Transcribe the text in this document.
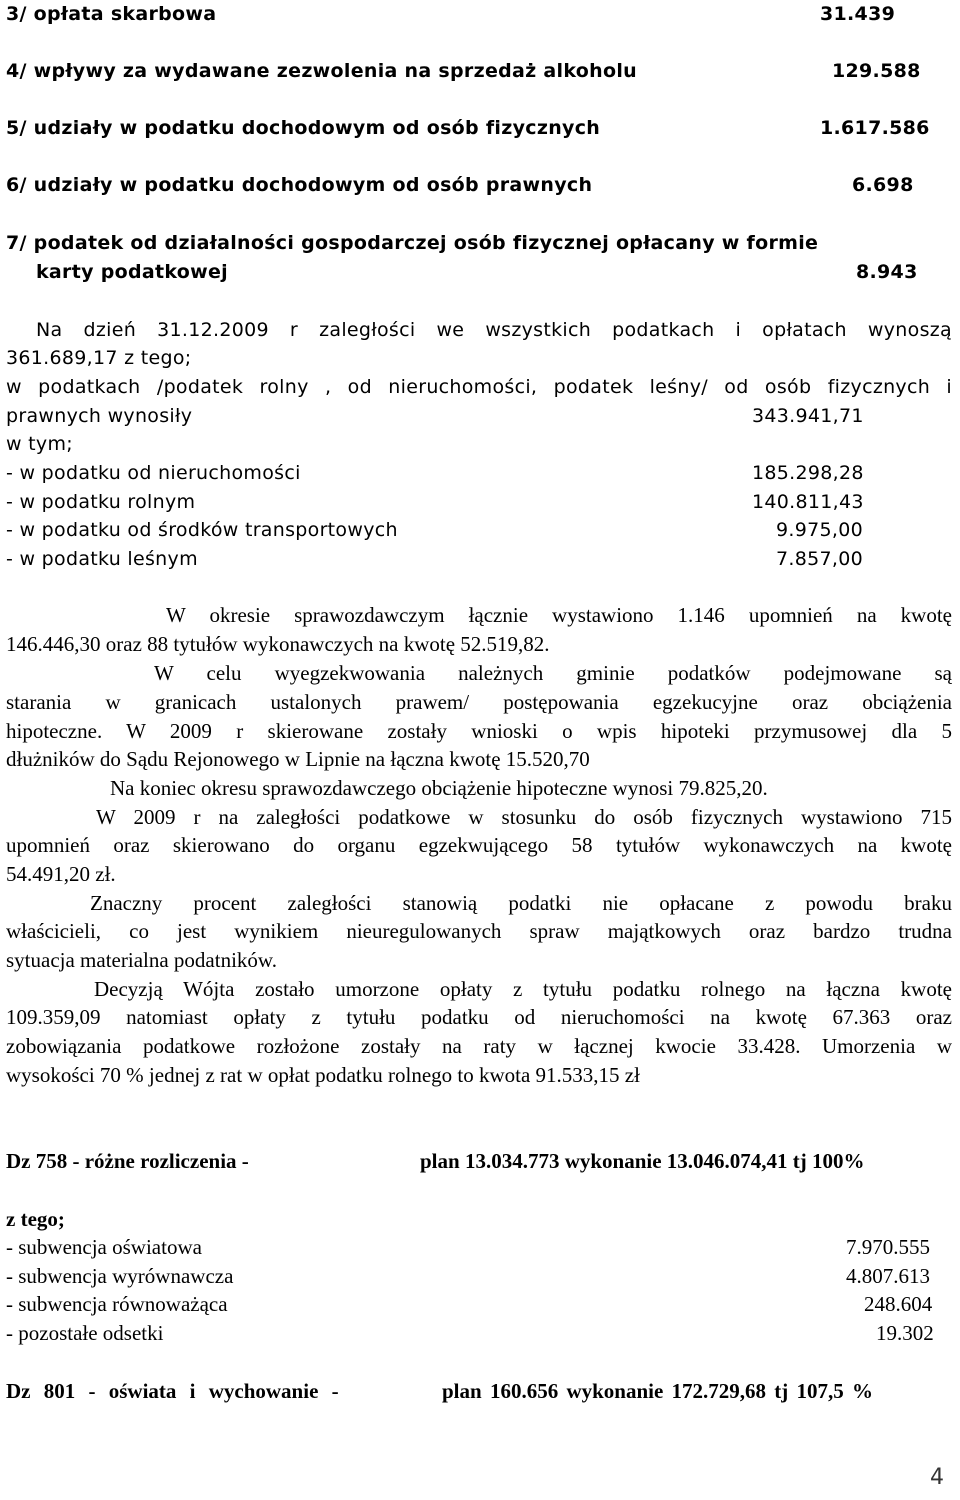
3/ opłata skarbowa	31.439
4/ wpływy za wydawane zezwolenia na sprzedaż alkoholu	129.588
5/ udziały w podatku dochodowym od osób fizycznych	1.617.586
6/ udziały w podatku dochodowym od osób prawnych	6.698
7/ podatek od działalności gospodarczej osób fizycznej opłacany w formie
karty podatkowej	8.943
Na dzień 31.12.2009 r zaległości we wszystkich podatkach i opłatach wynoszą
361.689,17 z tego;
w podatkach /podatek rolny , od nieruchomości, podatek leśny/ od osób fizycznych i
prawnych wynosiły	343.941,71
w tym;
- w podatku od nieruchomości	185.298,28
- w podatku rolnym	140.811,43
- w podatku od środków transportowych	9.975,00
- w podatku leśnym	7.857,00
W okresie sprawozdawczym łącznie wystawiono 1.146 upomnień na kwotę
146.446,30 oraz 88 tytułów wykonawczych na kwotę 52.519,82.
W celu wyegzekwowania należnych gminie podatków podejmowane są
starania w granicach ustalonych prawem/ postępowania egzekucyjne oraz obciążenia
hipoteczne. W 2009 r skierowane zostały wnioski o wpis hipoteki przymusowej dla 5
dłużników do Sądu Rejonowego w Lipnie na łączna kwotę 15.520,70
Na koniec okresu sprawozdawczego obciążenie hipoteczne wynosi 79.825,20.
W 2009 r na zaległości podatkowe w stosunku do osób fizycznych wystawiono 715
upomnień oraz skierowano do organu egzekwującego 58 tytułów wykonawczych na kwotę
54.491,20 zł.
Znaczny procent zaległości stanowią podatki nie opłacane z powodu braku
właścicieli, co jest wynikiem nieuregulowanych spraw majątkowych oraz bardzo trudna
sytuacja materialna podatników.
Decyzją Wójta zostało umorzone opłaty z tytułu podatku rolnego na łączna kwotę
109.359,09 natomiast opłaty z tytułu podatku od nieruchomości na kwotę 67.363 oraz
zobowiązania podatkowe rozłożone zostały na raty w łącznej kwocie 33.428. Umorzenia w
wysokości 70 % jednej z rat w opłat podatku rolnego to kwota 91.533,15 zł
Dz 758 - różne rozliczenia -	plan 13.034.773 wykonanie 13.046.074,41 tj 100%
z tego;
- subwencja oświatowa	7.970.555
- subwencja wyrównawcza	4.807.613
- subwencja równoważąca	248.604
- pozostałe odsetki	19.302
Dz 801 - oświata i wychowanie -	plan 160.656 wykonanie 172.729,68 tj 107,5 %
4
